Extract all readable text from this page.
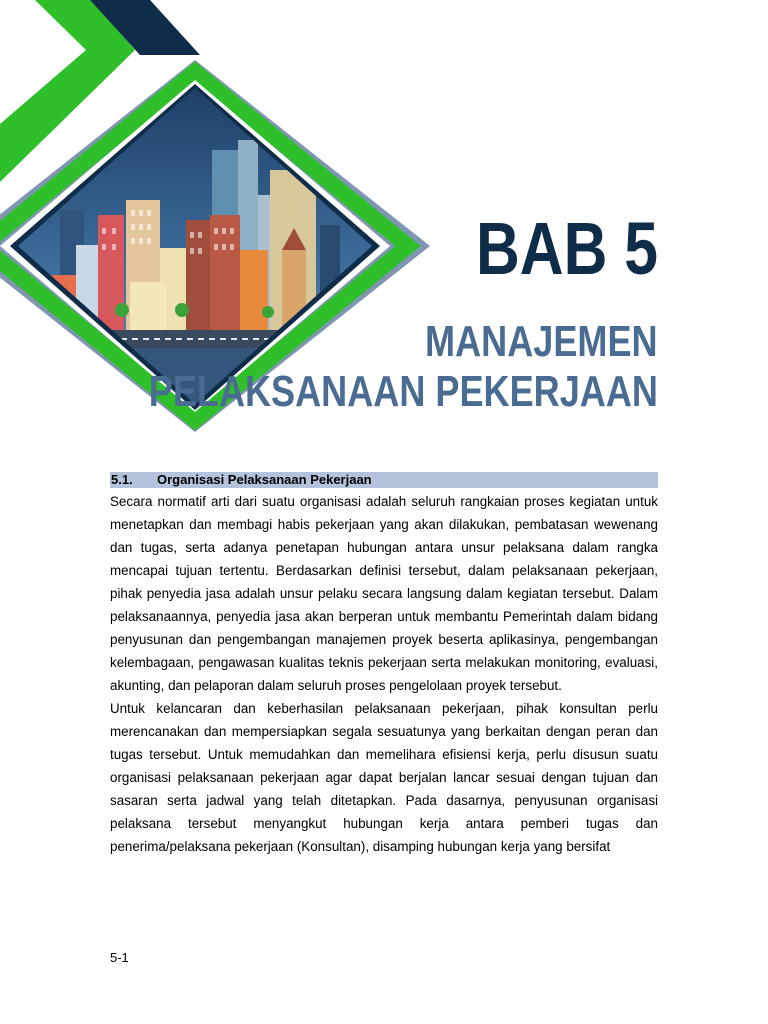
BAB 5
MANAJEMEN
PELAKSANAAN PEKERJAAN
5.1. Organisasi Pelaksanaan Pekerjaan

Secara normatif arti dari suatu organisasi adalah seluruh rangkaian proses kegiatan untuk menetapkan dan membagi habis pekerjaan yang akan dilakukan, pembatasan wewenang dan tugas, serta adanya penetapan hubungan antara unsur pelaksana dalam rangka mencapai tujuan tertentu. Berdasarkan definisi tersebut, dalam pelaksanaan pekerjaan, pihak penyedia jasa adalah unsur pelaku secara langsung dalam kegiatan tersebut. Dalam pelaksanaannya, penyedia jasa akan berperan untuk membantu Pemerintah dalam bidang penyusunan dan pengembangan manajemen proyek beserta aplikasinya, pengembangan kelembagaan, pengawasan kualitas teknis pekerjaan serta melakukan monitoring, evaluasi, akunting, dan pelaporan dalam seluruh proses pengelolaan proyek tersebut.

Untuk kelancaran dan keberhasilan pelaksanaan pekerjaan, pihak konsultan perlu merencanakan dan mempersiapkan segala sesuatunya yang berkaitan dengan peran dan tugas tersebut. Untuk memudahkan dan memelihara efisiensi kerja, perlu disusun suatu organisasi pelaksanaan pekerjaan agar dapat berjalan lancar sesuai dengan tujuan dan sasaran serta jadwal yang telah ditetapkan. Pada dasarnya, penyusunan organisasi pelaksana tersebut menyangkut hubungan kerja antara pemberi tugas dan penerima/pelaksana pekerjaan (Konsultan), disamping hubungan kerja yang bersifat

5-1
